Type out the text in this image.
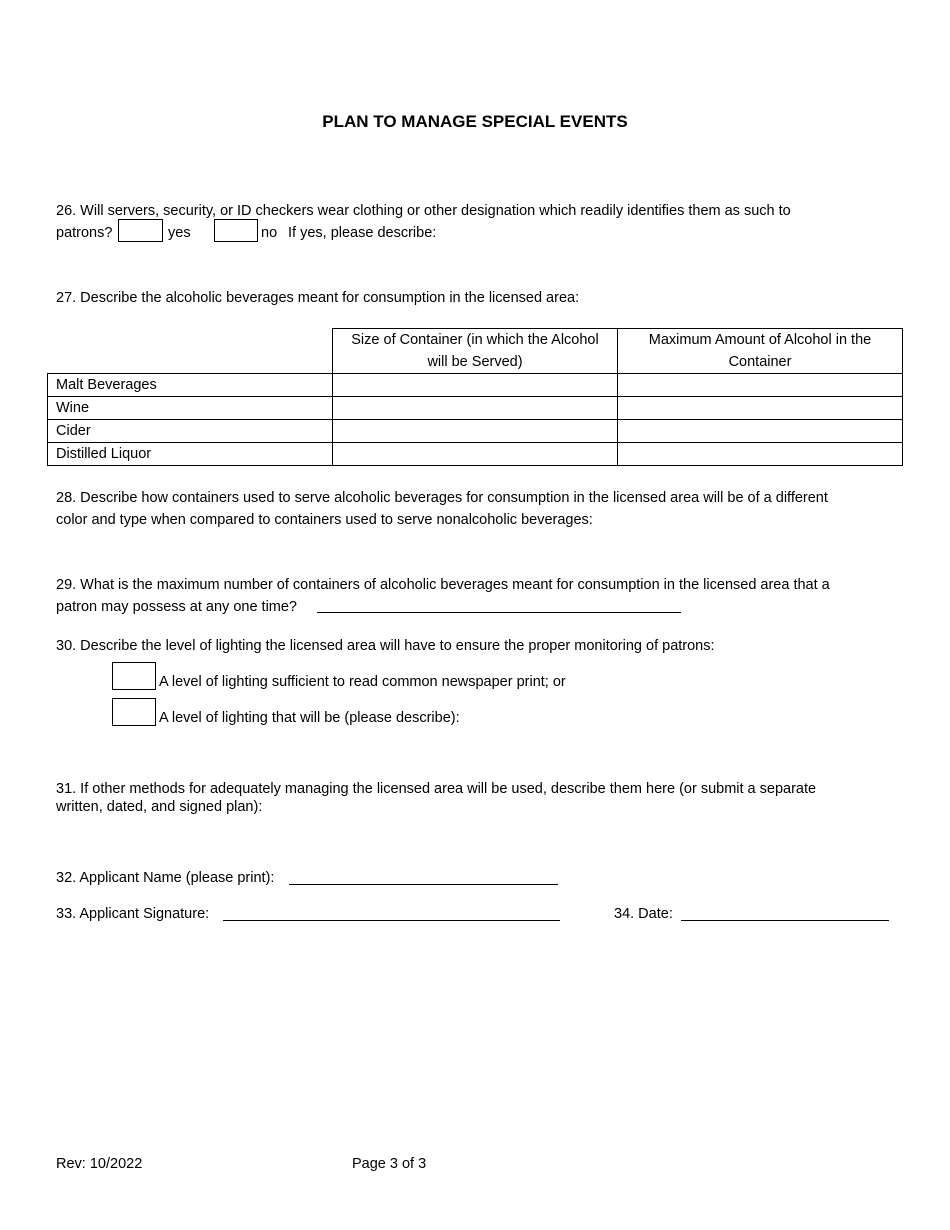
PLAN TO MANAGE SPECIAL EVENTS
26. Will servers, security, or ID checkers wear clothing or other designation which readily identifies them as such to
patrons?	yes	no If yes, please describe:
27. Describe the alcoholic beverages meant for consumption in the licensed area:
	Size of Container (in which the Alcohol will be Served)	Maximum Amount of Alcohol in the Container
Malt Beverages		
Wine		
Cider		
Distilled Liquor		
28. Describe how containers used to serve alcoholic beverages for consumption in the licensed area will be of a different
color and type when compared to containers used to serve nonalcoholic beverages:
29. What is the maximum number of containers of alcoholic beverages meant for consumption in the licensed area that a
patron may possess at any one time?
30. Describe the level of lighting the licensed area will have to ensure the proper monitoring of patrons:
A level of lighting sufficient to read common newspaper print; or
A level of lighting that will be (please describe):
31. If other methods for adequately managing the licensed area will be used, describe them here (or submit a separate
written, dated, and signed plan):
32. Applicant Name (please print):
33. Applicant Signature:	34. Date:
Rev: 10/2022	Page 3 of 3
